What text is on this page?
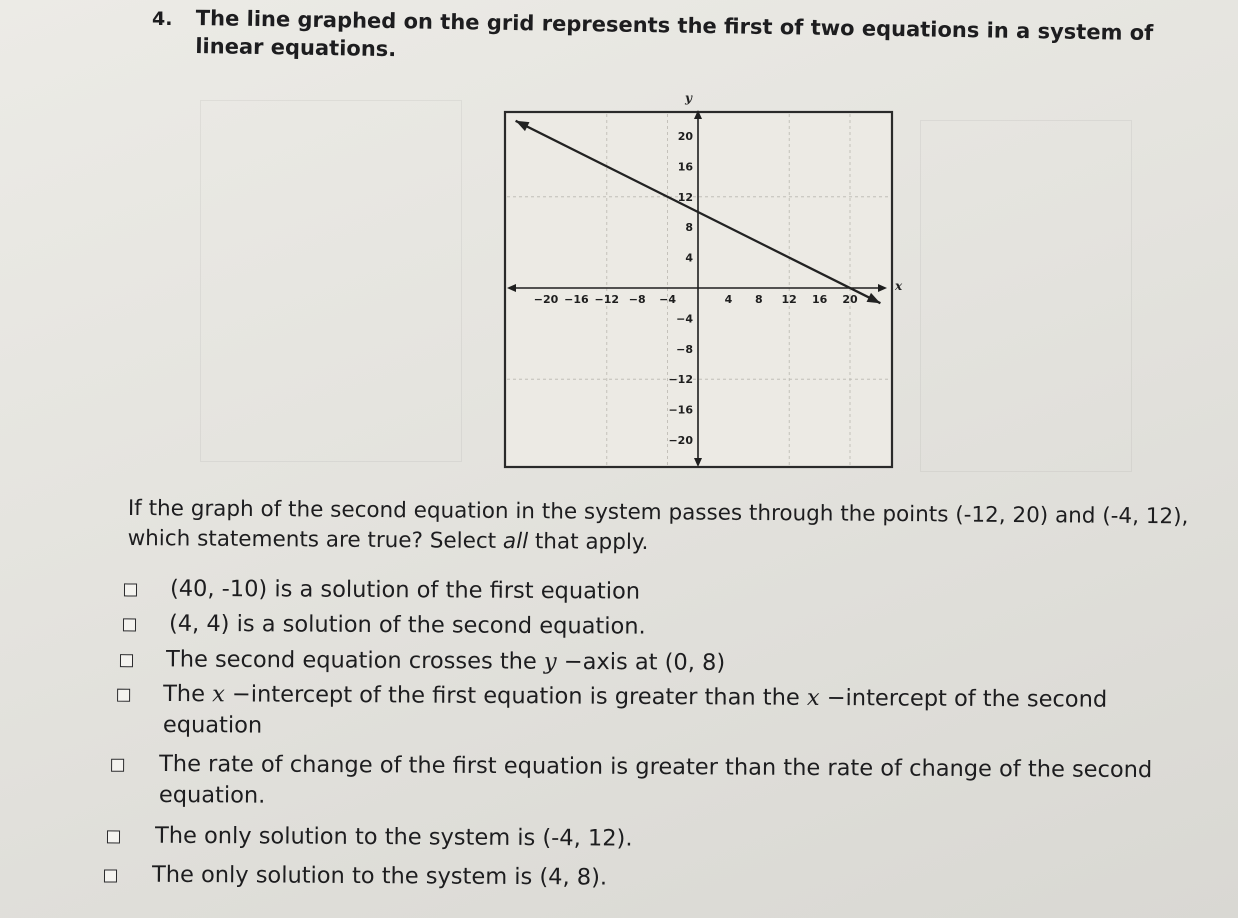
4. The line graphed on the grid represents the first of two equations in a system of linear equations.
−20 −16 −12 −8 −4	4 8 12 16 20
20
16
12
8
4
−4
−8
−12
−16
−20
x
y
If the graph of the second equation in the system passes through the points (-12, 20) and (-4, 12), which statements are true? Select all that apply.
(40, -10) is a solution of the first equation
(4, 4) is a solution of the second equation.
The second equation crosses the y −axis at (0, 8)
The x −intercept of the first equation is greater than the x −intercept of the second equation
The rate of change of the first equation is greater than the rate of change of the second equation.
The only solution to the system is (-4, 12).
The only solution to the system is (4, 8).
